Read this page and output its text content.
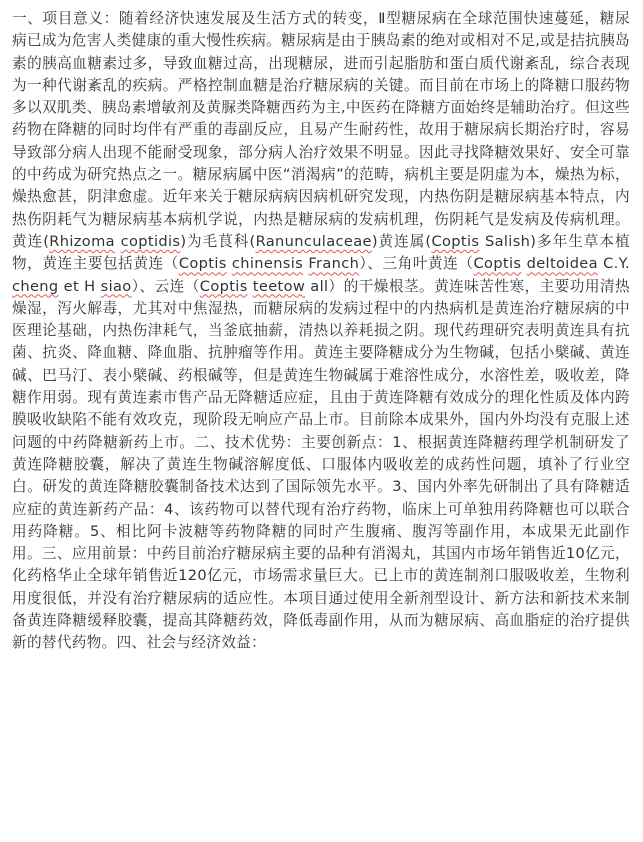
一、项目意义：随着经济快速发展及生活方式的转变，Ⅱ型糖尿病在全球范围快速蔓延，糖尿病已成为危害人类健康的重大慢性疾病。糖尿病是由于胰岛素的绝对或相对不足,或是拮抗胰岛素的胰高血糖素过多，导致血糖过高，出现糖尿，进而引起脂肪和蛋白质代谢紊乱，综合表现为一种代谢紊乱的疾病。严格控制血糖是治疗糖尿病的关键。而目前在市场上的降糖口服药物多以双肌类、胰岛素增敏剂及黄脲类降糖西药为主,中医药在降糖方面始终是辅助治疗。但这些药物在降糖的同时均伴有严重的毒副反应，且易产生耐药性，故用于糖尿病长期治疗时，容易导致部分病人出现不能耐受现象，部分病人治疗效果不明显。因此寻找降糖效果好、安全可靠的中药成为研究热点之一。糖尿病属中医“消渴病”的范畴，病机主要是阴虚为本，燥热为标，燥热愈甚，阴津愈虚。近年来关于糖尿病病因病机研究发现，内热伤阴是糖尿病基本特点，内热伤阴耗气为糖尿病基本病机学说，内热是糖尿病的发病机理，伤阴耗气是发病及传病机理。黄连(Rhizoma coptidis)为毛茛科(Ranunculaceae)黄连属(Coptis Salish)多年生草本植物，黄连主要包括黄连（Coptis chinensis Franch）、三角叶黄连（Coptis deltoidea C.Y. cheng et H siao）、云连（Coptis teetow all）的干燥根茎。黄连味苦性寒，主要功用清热燥湿，泻火解毒，尤其对中焦湿热，而糖尿病的发病过程中的内热病机是黄连治疗糖尿病的中医理论基础，内热伤津耗气，当釜底抽薪，清热以养耗损之阴。现代药理研究表明黄连具有抗菌、抗炎、降血糖、降血脂、抗肿瘤等作用。黄连主要降糖成分为生物碱，包括小檗碱、黄连碱、巴马汀、表小檗碱、药根碱等，但是黄连生物碱属于难溶性成分，水溶性差，吸收差，降糖作用弱。现有黄连素市售产品无降糖适应症，且由于黄连降糖有效成分的理化性质及体内跨膜吸收缺陷不能有效攻克，现阶段无响应产品上市。目前除本成果外，国内外均没有克服上述问题的中药降糖新药上市。二、技术优势：主要创新点：1、根据黄连降糖药理学机制研发了黄连降糖胶囊，解决了黄连生物碱溶解度低、口服体内吸收差的成药性问题，填补了行业空白。研发的黄连降糖胶囊制备技术达到了国际领先水平。3、国内外率先研制出了具有降糖适应症的黄连新药产品：4、该药物可以替代现有治疗药物，临床上可单独用药降糖也可以联合用药降糖。5、相比阿卡波糖等药物降糖的同时产生腹痛、腹泻等副作用，本成果无此副作用。三、应用前景：中药目前治疗糖尿病主要的品种有消渴丸，其国内市场年销售近10亿元，化药格华止全球年销售近120亿元，市场需求量巨大。已上市的黄连制剂口服吸收差，生物利用度很低，并没有治疗糖尿病的适应性。本项目通过使用全新剂型设计、新方法和新技术来制备黄连降糖缓释胶囊，提高其降糖药效，降低毒副作用，从而为糖尿病、高血脂症的治疗提供新的替代药物。四、社会与经济效益：
